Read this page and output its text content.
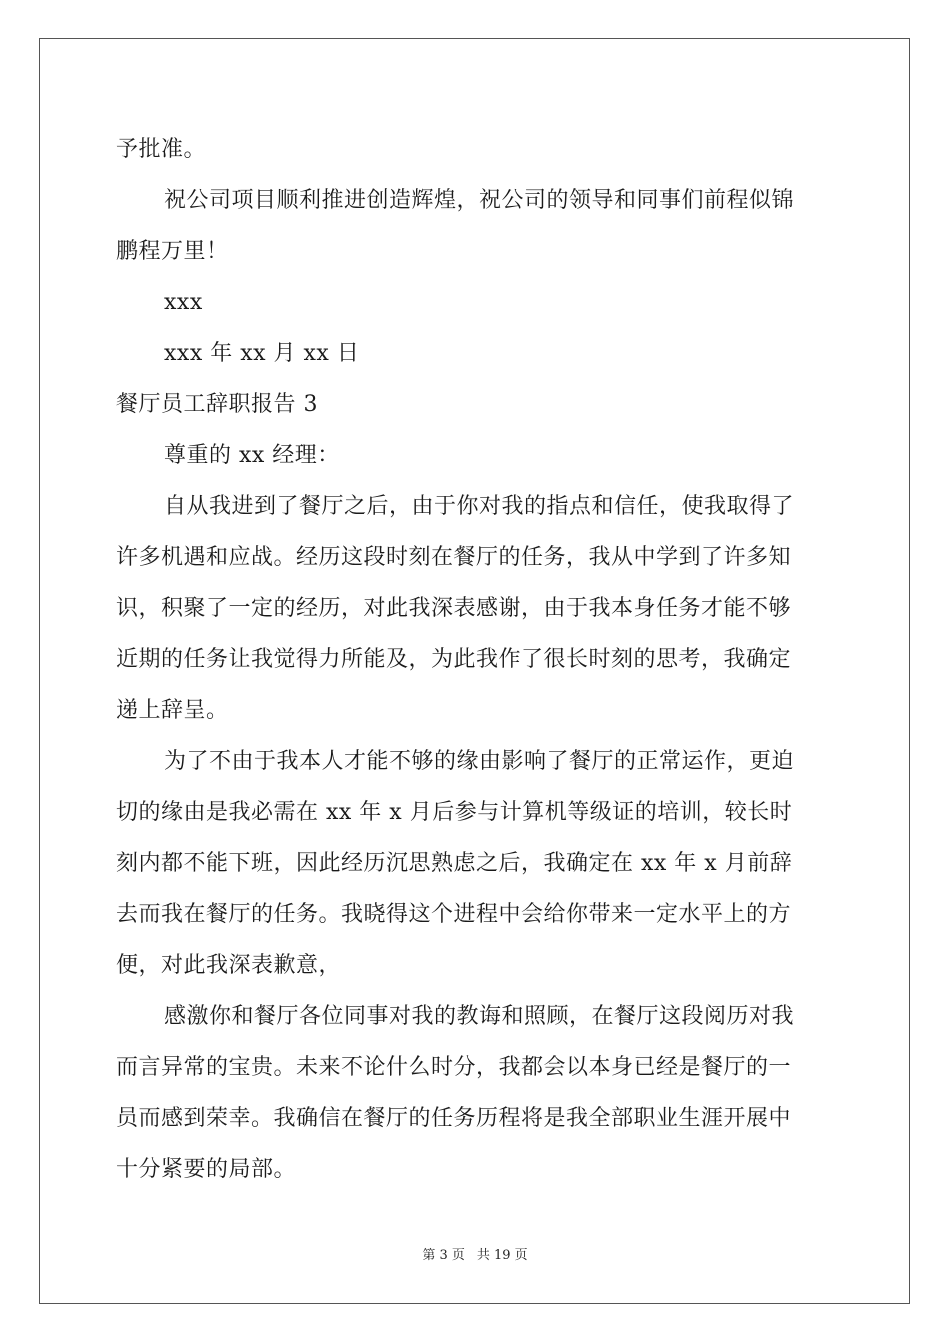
予批准。
祝公司项目顺利推进创造辉煌，祝公司的领导和同事们前程似锦
鹏程万里！
xxx
xxx 年 xx 月 xx 日
餐厅员工辞职报告 3
尊重的 xx 经理：
自从我进到了餐厅之后，由于你对我的指点和信任，使我取得了
许多机遇和应战。经历这段时刻在餐厅的任务，我从中学到了许多知
识，积聚了一定的经历，对此我深表感谢，由于我本身任务才能不够
近期的任务让我觉得力所能及，为此我作了很长时刻的思考，我确定
递上辞呈。
为了不由于我本人才能不够的缘由影响了餐厅的正常运作，更迫
切的缘由是我必需在 xx 年 x 月后参与计算机等级证的培训，较长时
刻内都不能下班，因此经历沉思熟虑之后，我确定在 xx 年 x 月前辞
去而我在餐厅的任务。我晓得这个进程中会给你带来一定水平上的方
便，对此我深表歉意，
感激你和餐厅各位同事对我的教诲和照顾，在餐厅这段阅历对我
而言异常的宝贵。未来不论什么时分，我都会以本身已经是餐厅的一
员而感到荣幸。我确信在餐厅的任务历程将是我全部职业生涯开展中
十分紧要的局部。
第 3 页 共 19 页
